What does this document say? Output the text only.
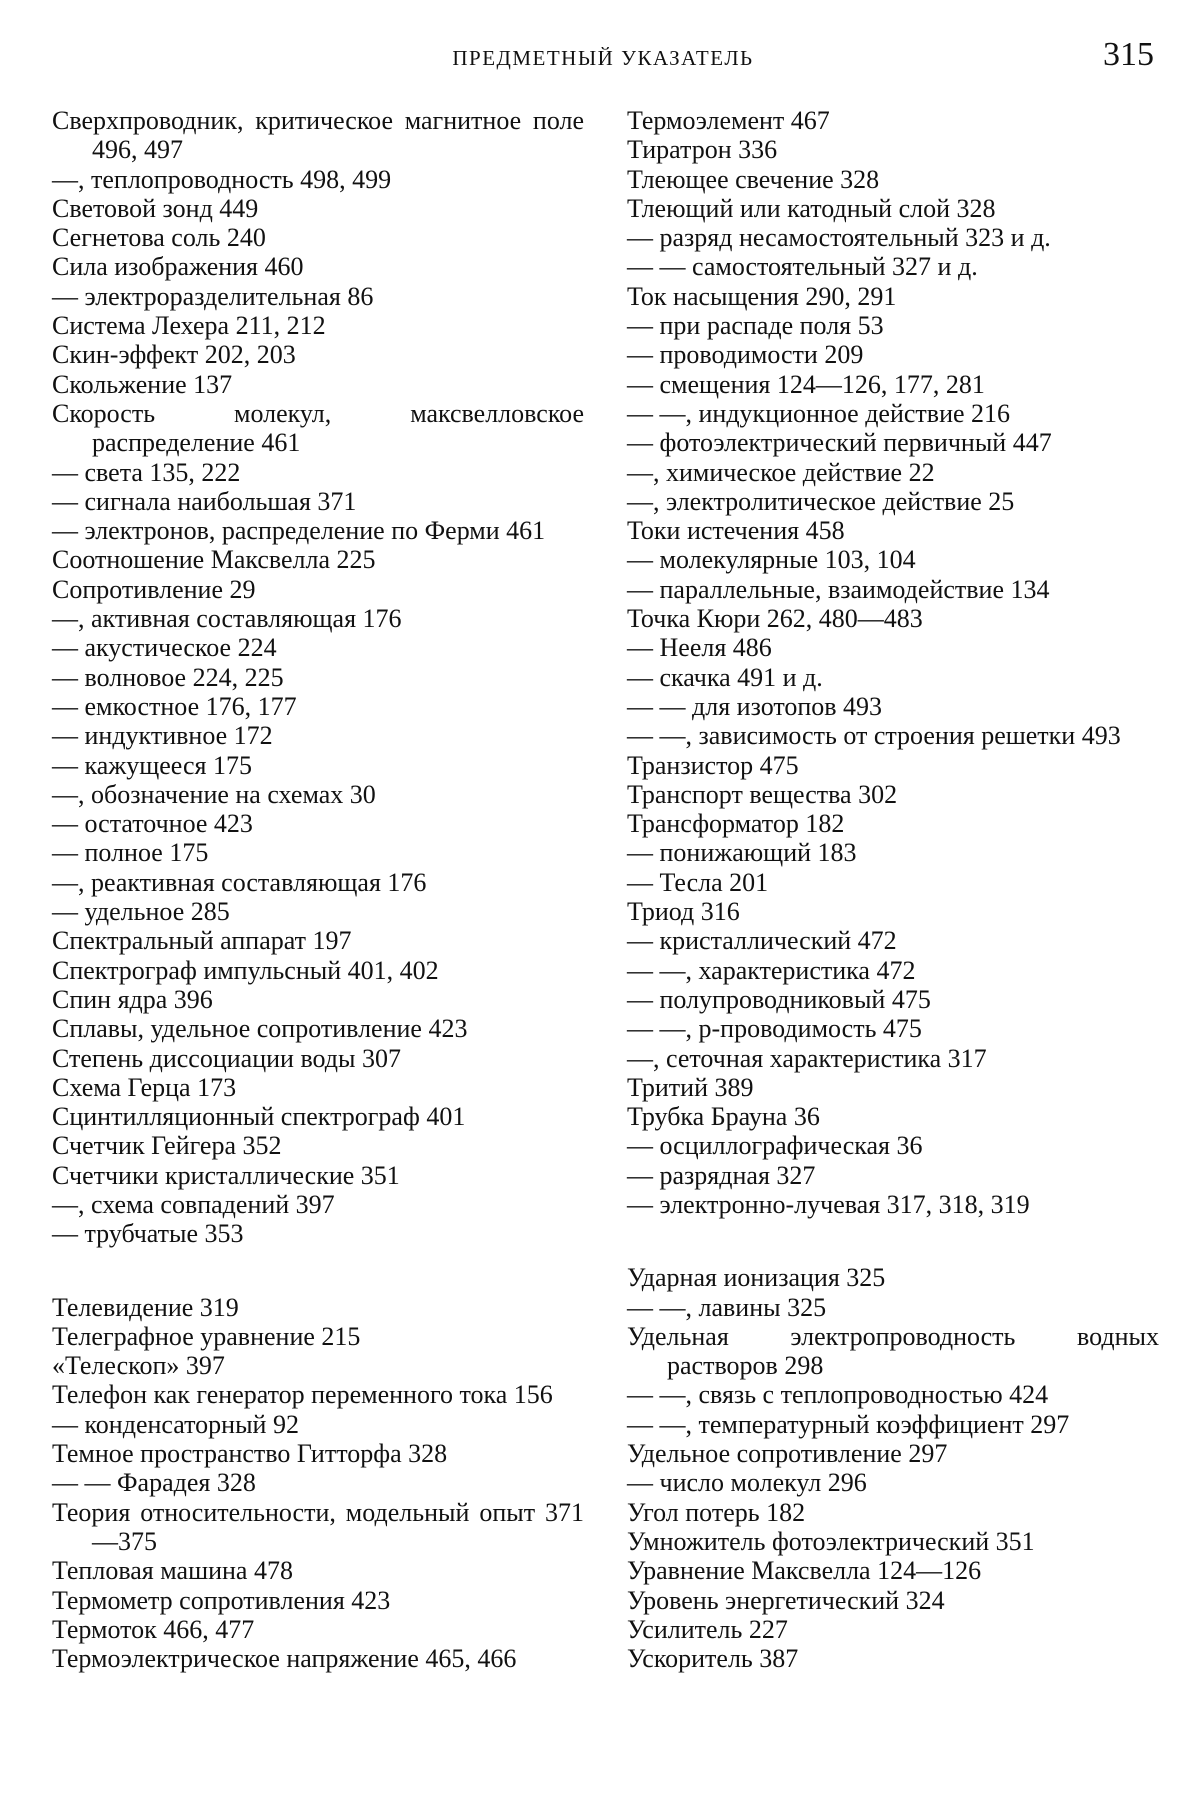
ПРЕДМЕТНЫЙ УКАЗАТЕЛЬ	315
Сверхпроводник, критическое магнитное поле 496, 497
—, теплопроводность 498, 499
Световой зонд 449
Сегнетова соль 240
Сила изображения 460
— электроразделительная 86
Система Лехера 211, 212
Скин-эффект 202, 203
Скольжение 137
Скорость молекул, максвелловское распределение 461
— света 135, 222
— сигнала наибольшая 371
— электронов, распределение по Ферми 461
Соотношение Максвелла 225
Сопротивление 29
—, активная составляющая 176
— акустическое 224
— волновое 224, 225
— емкостное 176, 177
— индуктивное 172
— кажущееся 175
—, обозначение на схемах 30
— остаточное 423
— полное 175
—, реактивная составляющая 176
— удельное 285
Спектральный аппарат 197
Спектрограф импульсный 401, 402
Спин ядра 396
Сплавы, удельное сопротивление 423
Степень диссоциации воды 307
Схема Герца 173
Сцинтилляционный спектрограф 401
Счетчик Гейгера 352
Счетчики кристаллические 351
—, схема совпадений 397
— трубчатые 353
Телевидение 319
Телеграфное уравнение 215
«Телескоп» 397
Телефон как генератор переменного тока 156
— конденсаторный 92
Темное пространство Гитторфа 328
— — Фарадея 328
Теория относительности, модельный опыт 371—375
Тепловая машина 478
Термометр сопротивления 423
Термоток 466, 477
Термоэлектрическое напряжение 465, 466
Термоэлемент 467
Тиратрон 336
Тлеющее свечение 328
Тлеющий или катодный слой 328
— разряд несамостоятельный 323 и д.
— — самостоятельный 327 и д.
Ток насыщения 290, 291
— при распаде поля 53
— проводимости 209
— смещения 124—126, 177, 281
— —, индукционное действие 216
— фотоэлектрический первичный 447
—, химическое действие 22
—, электролитическое действие 25
Токи истечения 458
— молекулярные 103, 104
— параллельные, взаимодействие 134
Точка Кюри 262, 480—483
— Нееля 486
— скачка 491 и д.
— — для изотопов 493
— —, зависимость от строения решетки 493
Транзистор 475
Транспорт вещества 302
Трансформатор 182
— понижающий 183
— Тесла 201
Триод 316
— кристаллический 472
— —, характеристика 472
— полупроводниковый 475
— —, p-проводимость 475
—, сеточная характеристика 317
Тритий 389
Трубка Брауна 36
— осциллографическая 36
— разрядная 327
— электронно-лучевая 317, 318, 319
Ударная ионизация 325
— —, лавины 325
Удельная электропроводность водных растворов 298
— —, связь с теплопроводностью 424
— —, температурный коэффициент 297
Удельное сопротивление 297
— число молекул 296
Угол потерь 182
Умножитель фотоэлектрический 351
Уравнение Максвелла 124—126
Уровень энергетический 324
Усилитель 227
Ускоритель 387
